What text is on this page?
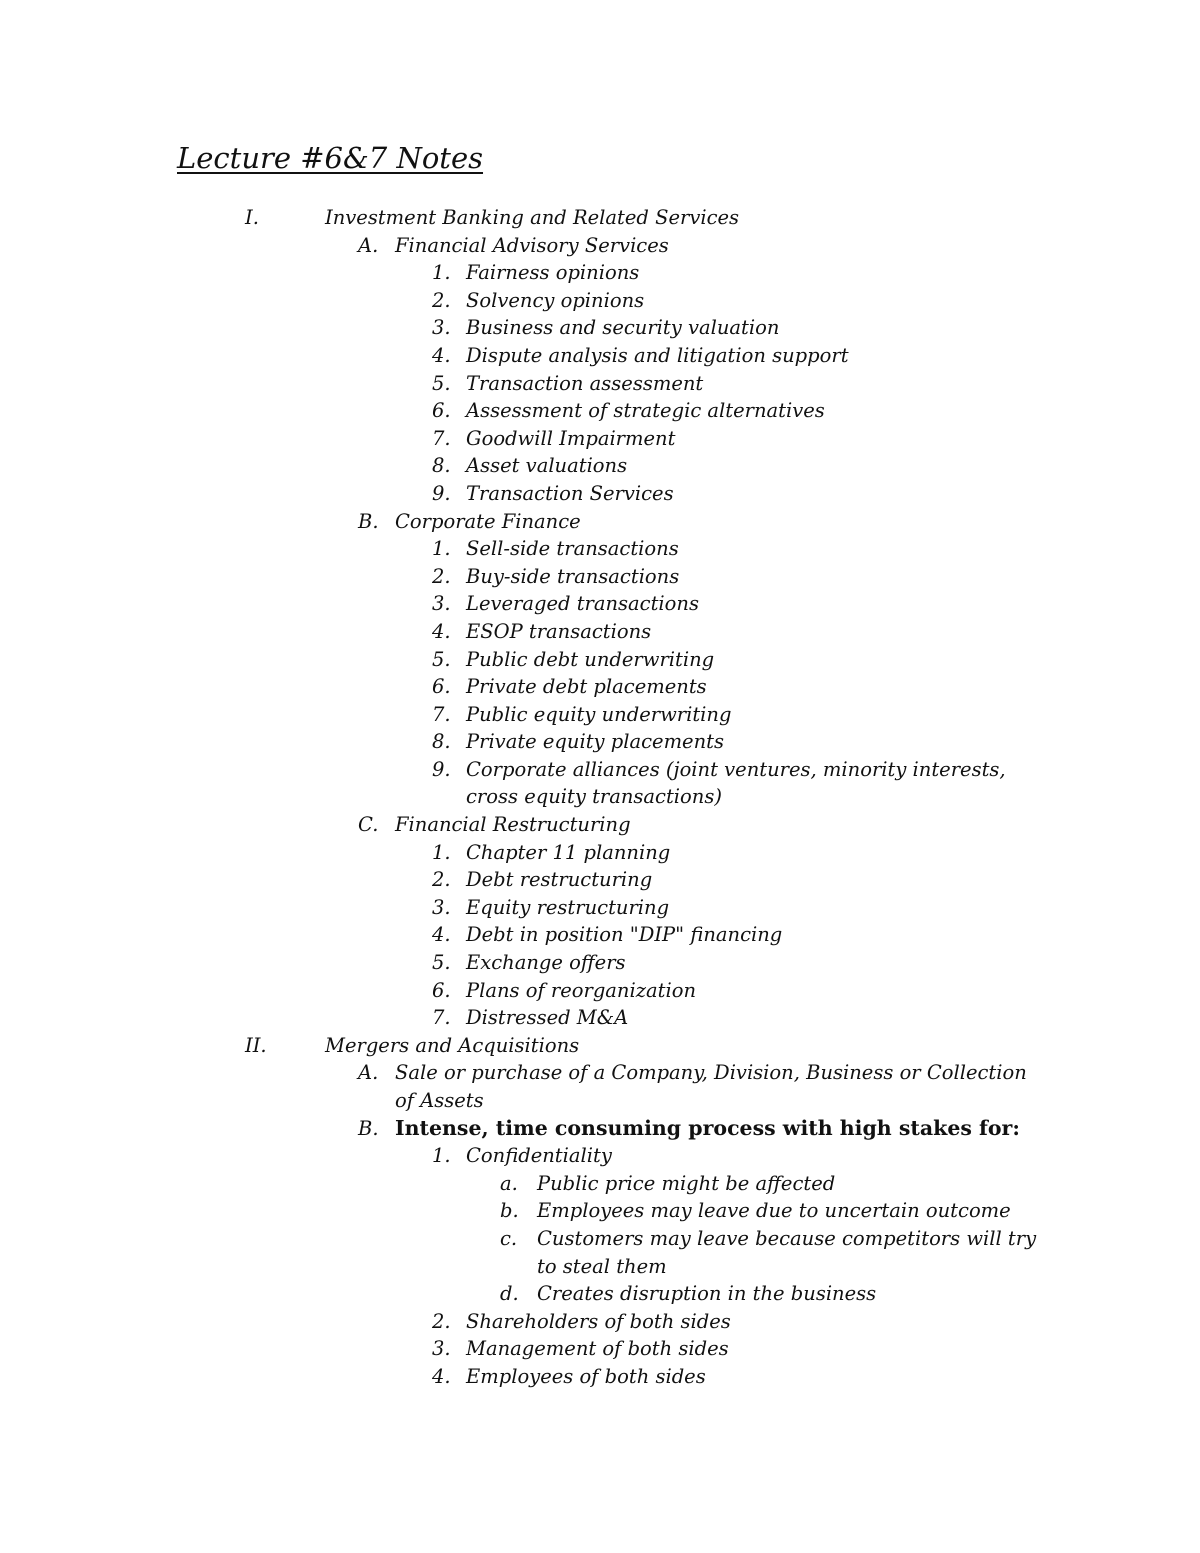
Lecture #6&7 Notes
I.	Investment Banking and Related Services
A. Financial Advisory Services
1. Fairness opinions
2. Solvency opinions
3. Business and security valuation
4. Dispute analysis and litigation support
5. Transaction assessment
6. Assessment of strategic alternatives
7. Goodwill Impairment
8. Asset valuations
9. Transaction Services
B. Corporate Finance
1. Sell-side transactions
2. Buy-side transactions
3. Leveraged transactions
4. ESOP transactions
5. Public debt underwriting
6. Private debt placements
7. Public equity underwriting
8. Private equity placements
9. Corporate alliances (joint ventures, minority interests,
cross equity transactions)
C. Financial Restructuring
1. Chapter 11 planning
2. Debt restructuring
3. Equity restructuring
4. Debt in position "DIP" financing
5. Exchange offers
6. Plans of reorganization
7. Distressed M&A
II.	Mergers and Acquisitions
A. Sale or purchase of a Company, Division, Business or Collection
of Assets
B. Intense, time consuming process with high stakes for:
1. Confidentiality
a. Public price might be affected
b. Employees may leave due to uncertain outcome
c. Customers may leave because competitors will try
to steal them
d. Creates disruption in the business
2. Shareholders of both sides
3. Management of both sides
4. Employees of both sides
